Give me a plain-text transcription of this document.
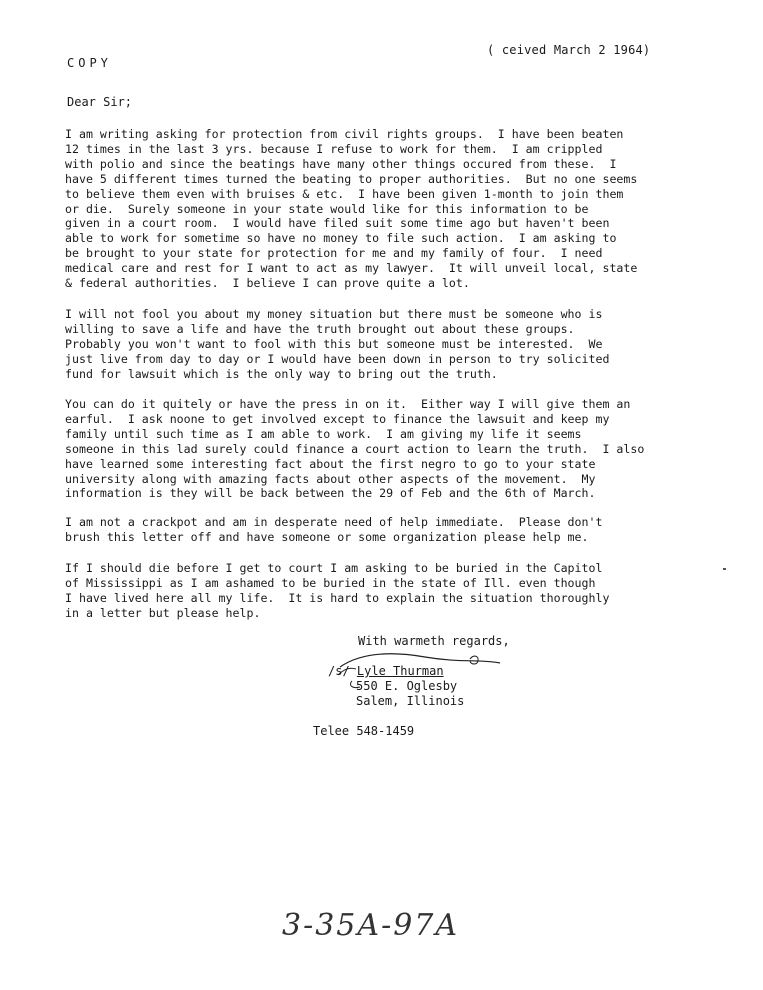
( ceived March 2 1964)
COPY
Dear Sir;

I am writing asking for protection from civil rights groups.  I have been beaten
12 times in the last 3 yrs. because I refuse to work for them.  I am crippled
with polio and since the beatings have many other things occured from these.  I
have 5 different times turned the beating to proper authorities.  But no one seems
to believe them even with bruises & etc.  I have been given 1-month to join them
or die.  Surely someone in your state would like for this information to be
given in a court room.  I would have filed suit some time ago but haven't been
able to work for sometime so have no money to file such action.  I am asking to
be brought to your state for protection for me and my family of four.  I need
medical care and rest for I want to act as my lawyer.  It will unveil local, state
& federal authorities.  I believe I can prove quite a lot.

I will not fool you about my money situation but there must be someone who is
willing to save a life and have the truth brought out about these groups.
Probably you won't want to fool with this but someone must be interested.  We
just live from day to day or I would have been down in person to try solicited
fund for lawsuit which is the only way to bring out the truth.

You can do it quitely or have the press in on it.  Either way I will give them an
earful.  I ask noone to get involved except to finance the lawsuit and keep my
family until such time as I am able to work.  I am giving my life it seems
someone in this lad surely could finance a court action to learn the truth.  I also
have learned some interesting fact about the first negro to go to your state
university along with amazing facts about other aspects of the movement.  My
information is they will be back between the 29 of Feb and the 6th of March.

I am not a crackpot and am in desperate need of help immediate.  Please don't
brush this letter off and have someone or some organization please help me.

If I should die before I get to court I am asking to be buried in the Capitol
of Mississippi as I am ashamed to be buried in the state of Ill. even though
I have lived here all my life.  It is hard to explain the situation thoroughly
in a letter but please help.

With warmeth regards,
/s/ Lyle Thurman
550 E. Oglesby
Salem, Illinois
Telee 548-1459
3-35A-97A
